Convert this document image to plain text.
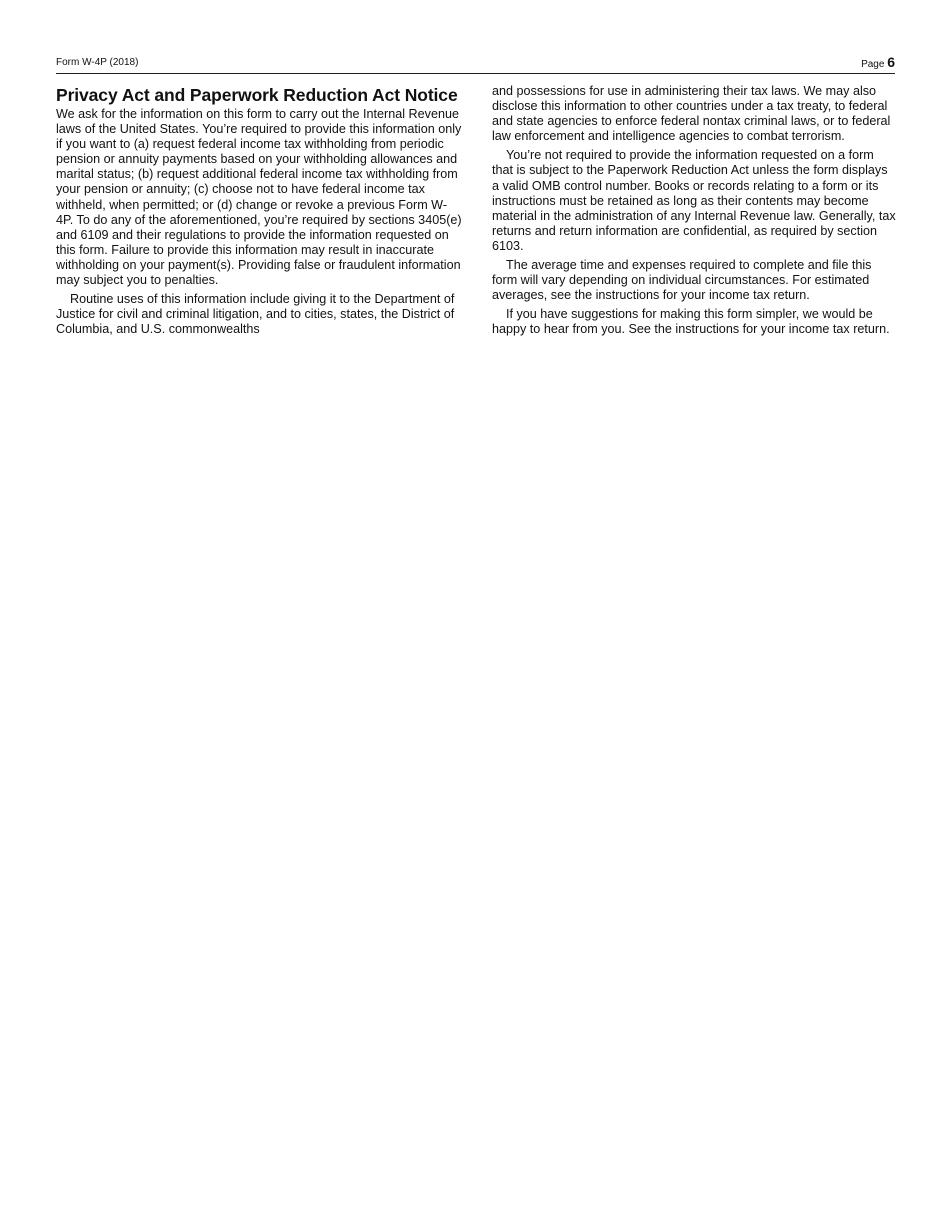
Form W-4P (2018)	Page 6
Privacy Act and Paperwork Reduction Act Notice

We ask for the information on this form to carry out the Internal Revenue laws of the United States. You’re required to provide this information only if you want to (a) request federal income tax withholding from periodic pension or annuity payments based on your withholding allowances and marital status; (b) request additional federal income tax withholding from your pension or annuity; (c) choose not to have federal income tax withheld, when permitted; or (d) change or revoke a previous Form W-4P. To do any of the aforementioned, you’re required by sections 3405(e) and 6109 and their regulations to provide the information requested on this form. Failure to provide this information may result in inaccurate withholding on your payment(s). Providing false or fraudulent information may subject you to penalties.

Routine uses of this information include giving it to the Department of Justice for civil and criminal litigation, and to cities, states, the District of Columbia, and U.S. commonwealths

and possessions for use in administering their tax laws. We may also disclose this information to other countries under a tax treaty, to federal and state agencies to enforce federal nontax criminal laws, or to federal law enforcement and intelligence agencies to combat terrorism.

You’re not required to provide the information requested on a form that is subject to the Paperwork Reduction Act unless the form displays a valid OMB control number. Books or records relating to a form or its instructions must be retained as long as their contents may become material in the administration of any Internal Revenue law. Generally, tax returns and return information are confidential, as required by section 6103.

The average time and expenses required to complete and file this form will vary depending on individual circumstances. For estimated averages, see the instructions for your income tax return.

If you have suggestions for making this form simpler, we would be happy to hear from you. See the instructions for your income tax return.
